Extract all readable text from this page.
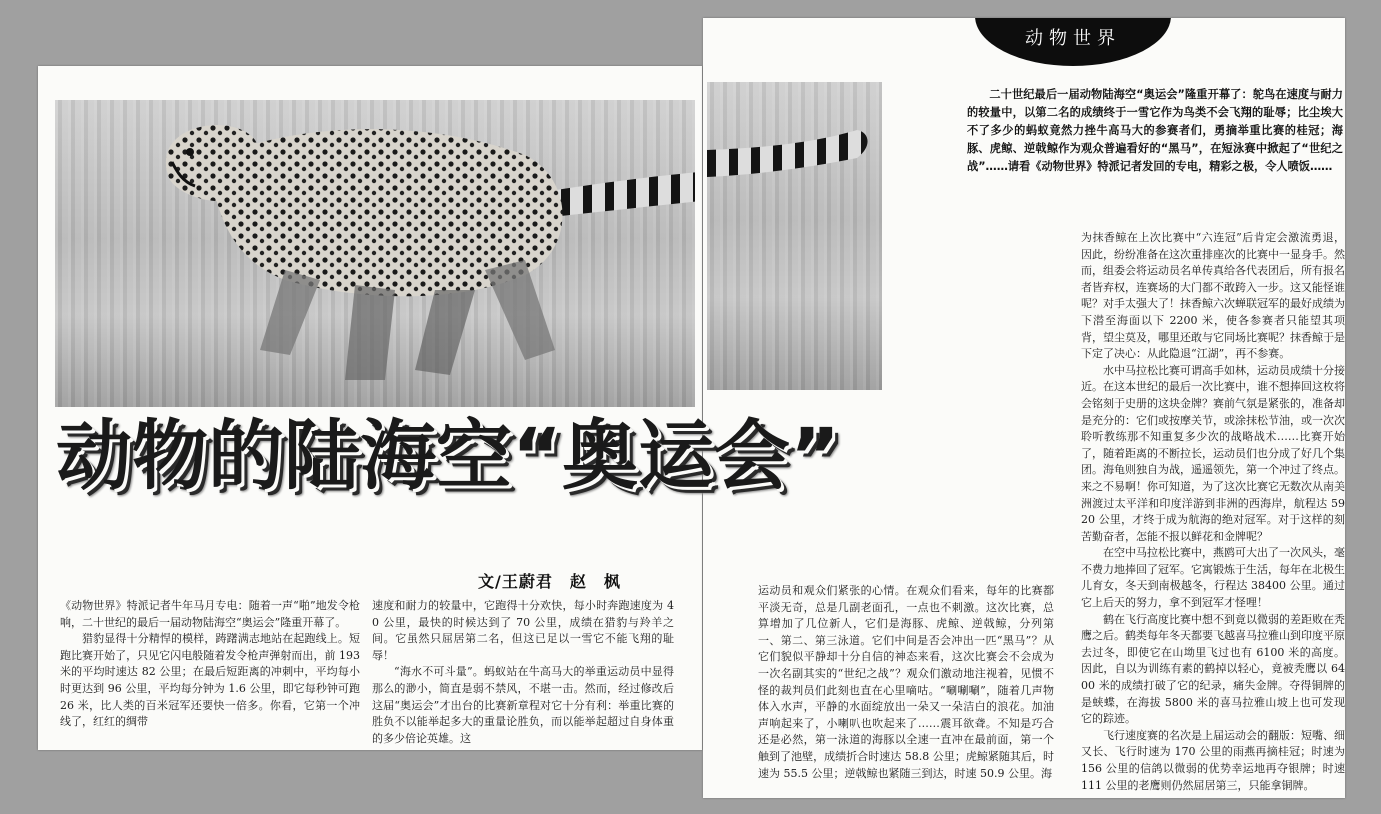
文/王蔚君　赵　枫

《动物世界》特派记者牛年马月专电：随着一声“啪”地发令枪响，二十世纪的最后一届动物陆海空“奥运会”隆重开幕了。

猎豹显得十分精悍的模样，踌躇满志地站在起跑线上。短跑比赛开始了，只见它闪电般随着发令枪声弹射而出，前 193 米的平均时速达 82 公里；在最后短距离的冲刺中，平均每小时更达到 96 公里，平均每分钟为 1.6 公里，即它每秒钟可跑 26 米，比人类的百米冠军还要快一倍多。你看，它第一个冲线了，红红的绸带

速度和耐力的较量中，它跑得十分欢快，每小时奔跑速度为 40 公里，最快的时候达到了 70 公里，成绩在猎豹与羚羊之间。它虽然只屈居第二名，但这已足以一雪它不能飞翔的耻辱！

“海水不可斗量”。蚂蚁站在牛高马大的举重运动员中显得那么的渺小，简直是弱不禁风，不堪一击。然而，经过修改后这届“奥运会”才出台的比赛新章程对它十分有利：举重比赛的胜负不以能举起多大的重量论胜负，而以能举起超过自身体重的多少倍论英雄。这

动物世界

二十世纪最后一届动物陆海空“奥运会”隆重开幕了：鸵鸟在速度与耐力的较量中，以第二名的成绩终于一雪它作为鸟类不会飞翔的耻辱；比尘埃大不了多少的蚂蚁竟然力挫牛高马大的参赛者们，勇摘举重比赛的桂冠；海豚、虎鲸、逆戟鲸作为观众普遍看好的“黑马”，在短泳赛中掀起了“世纪之战”……请看《动物世界》特派记者发回的专电，精彩之极，令人喷饭……

运动员和观众们紧张的心情。在观众们看来，每年的比赛都平淡无奇，总是几副老面孔，一点也不刺激。这次比赛，总算增加了几位新人，它们是海豚、虎鲸、逆戟鲸，分列第一、第二、第三泳道。它们中间是否会冲出一匹“黑马”？从它们貌似平静却十分自信的神态来看，这次比赛会不会成为一次名副其实的“世纪之战”？观众们激动地注视着，见惯不怪的裁判员们此刻也直在心里嘀咕。“唰唰唰”，随着几声物体入水声，平静的水面绽放出一朵又一朵洁白的浪花。加油声响起来了，小喇叭也吹起来了……震耳欲聋。不知是巧合还是必然，第一泳道的海豚以全速一直冲在最前面，第一个触到了池壁，成绩折合时速达 58.8 公里；虎鲸紧随其后，时速为 55.5 公里；逆戟鲸也紧随三到达，时速 50.9 公里。海

为抹香鲸在上次比赛中“六连冠”后肯定会激流勇退，因此，纷纷准备在这次重排座次的比赛中一显身手。然而，组委会将运动员名单传真给各代表团后，所有报名者皆弃权，连赛场的大门都不敢跨入一步。这又能怪谁呢？对手太强大了！抹香鲸六次蝉联冠军的最好成绩为下潜至海面以下 2200 米，使各参赛者只能望其项背，望尘莫及，哪里还敢与它同场比赛呢？抹香鲸于是下定了决心：从此隐退“江湖”，再不参赛。

水中马拉松比赛可谓高手如林，运动员成绩十分接近。在这本世纪的最后一次比赛中，谁不想捧回这枚将会铭刻于史册的这块金牌？赛前气氛是紧张的，准备却是充分的：它们或按摩关节，或涂抹松节油，或一次次聆听教练那不知重复多少次的战略战术……比赛开始了，随着距离的不断拉长，运动员们也分成了好几个集团。海龟则独自为战，遥遥领先，第一个冲过了终点。来之不易啊！你可知道，为了这次比赛它无数次从南美洲渡过太平洋和印度洋游到非洲的西海岸，航程达 5920 公里，才终于成为航海的绝对冠军。对于这样的刻苦勤奋者，怎能不报以鲜花和金牌呢？

在空中马拉松比赛中，燕鸥可大出了一次风头，毫不费力地捧回了冠军。它寓锻炼于生活，每年在北极生儿育女，冬天到南极越冬，行程达 38400 公里。通过它上后天的努力，拿不到冠军才怪哩！

鹤在飞行高度比赛中想不到竟以微弱的差距败在秃鹰之后。鹤类每年冬天都要飞越喜马拉雅山到印度平原去过冬，即使它在山坳里飞过也有 6100 米的高度。因此，自以为训练有素的鹤掉以轻心，竟被秃鹰以 6400 米的成绩打破了它的纪录，痛失金牌。夺得铜牌的是蛱蝶，在海拔 5800 米的喜马拉雅山坡上也可发现它的踪迹。

飞行速度赛的名次是上届运动会的翻版：短嘴、细又长、飞行时速为 170 公里的雨燕再摘桂冠；时速为 156 公里的信鸽以微弱的优势幸运地再夺银牌；时速 111 公里的老鹰则仍然屈居第三，只能拿铜牌。

动物的陆海空“奥运会”
